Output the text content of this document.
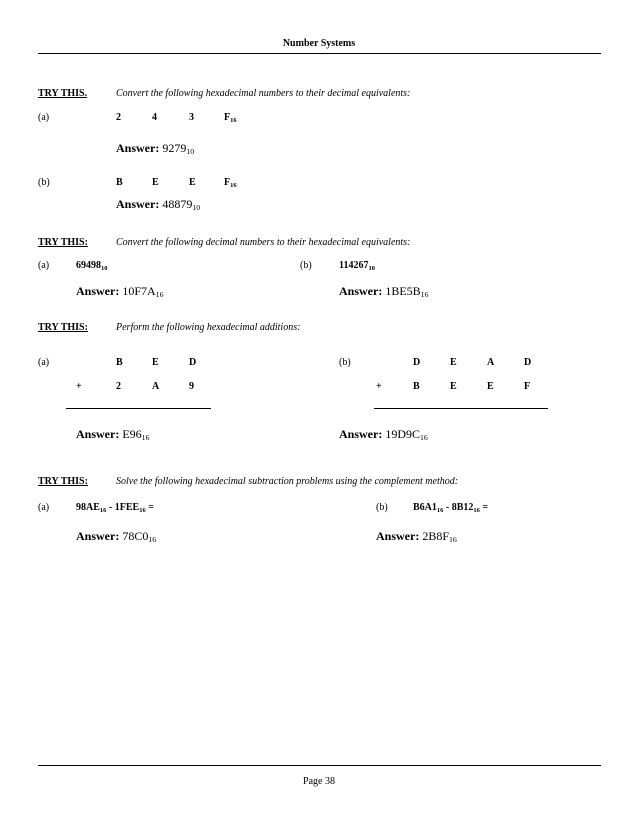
Number Systems
TRY THIS.	Convert the following hexadecimal numbers to their decimal equivalents:
(a)	2	4	3	$F_{16}$
Answer: $9279_{10}$
(b)	B	E	E	$F_{16}$
Answer: $48879_{10}$
TRY THIS:	Convert the following decimal numbers to their hexadecimal equivalents:
(a)	$69498_{10}$
Answer: $10F7A_{16}$
(b)	$114267_{10}$
Answer: $1BE5B_{16}$
TRY THIS:	Perform the following hexadecimal additions:
(a)	B	E	D
+	2	A	9
Answer: $E96_{16}$
(b)	D	E	A	D
+	B	E	E	F
Answer: $19D9C_{16}$
TRY THIS:	Solve the following hexadecimal subtraction problems using the complement method:
(a)	$98AE_{16} - 1FEE_{16}$ =
Answer: $78C0_{16}$
(b)	$B6A1_{16} - 8B12_{16}$ =
Answer: $2B8F_{16}$
Page 38
